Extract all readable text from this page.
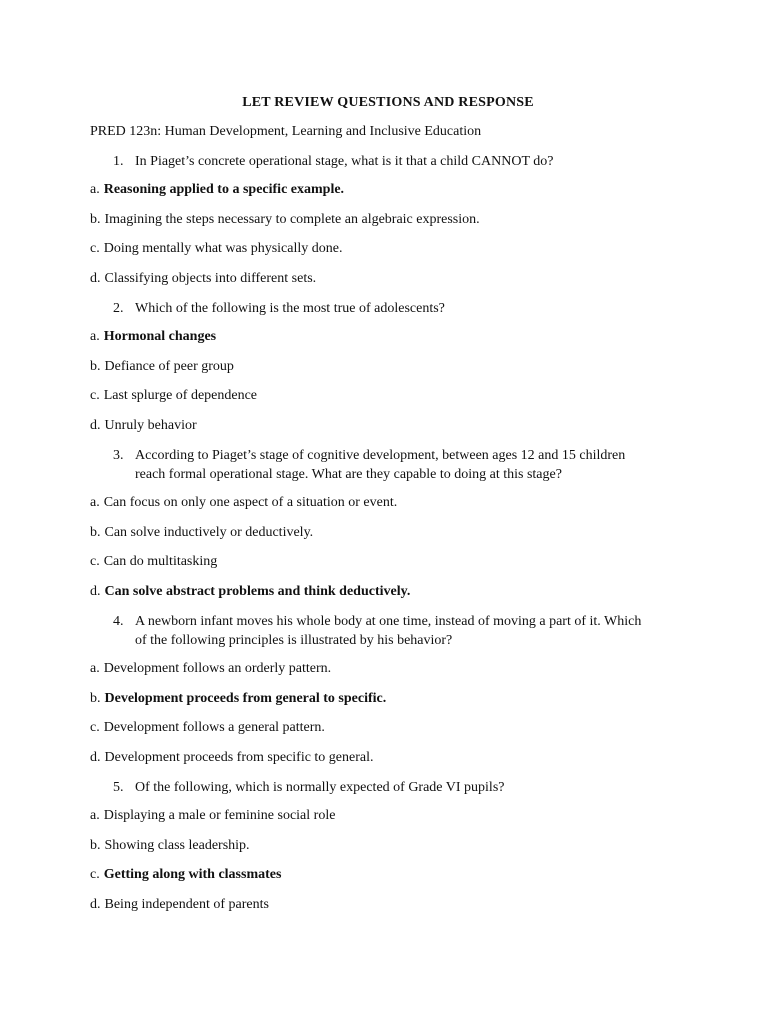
LET REVIEW QUESTIONS AND RESPONSE
PRED 123n: Human Development, Learning and Inclusive Education
1. In Piaget’s concrete operational stage, what is it that a child CANNOT do?
a. Reasoning applied to a specific example.
b. Imagining the steps necessary to complete an algebraic expression.
c. Doing mentally what was physically done.
d. Classifying objects into different sets.
2. Which of the following is the most true of adolescents?
a. Hormonal changes
b. Defiance of peer group
c. Last splurge of dependence
d. Unruly behavior
3. According to Piaget’s stage of cognitive development, between ages 12 and 15 children reach formal operational stage. What are they capable to doing at this stage?
a. Can focus on only one aspect of a situation or event.
b. Can solve inductively or deductively.
c. Can do multitasking
d. Can solve abstract problems and think deductively.
4. A newborn infant moves his whole body at one time, instead of moving a part of it. Which of the following principles is illustrated by his behavior?
a. Development follows an orderly pattern.
b. Development proceeds from general to specific.
c. Development follows a general pattern.
d. Development proceeds from specific to general.
5. Of the following, which is normally expected of Grade VI pupils?
a. Displaying a male or feminine social role
b. Showing class leadership.
c. Getting along with classmates
d. Being independent of parents
